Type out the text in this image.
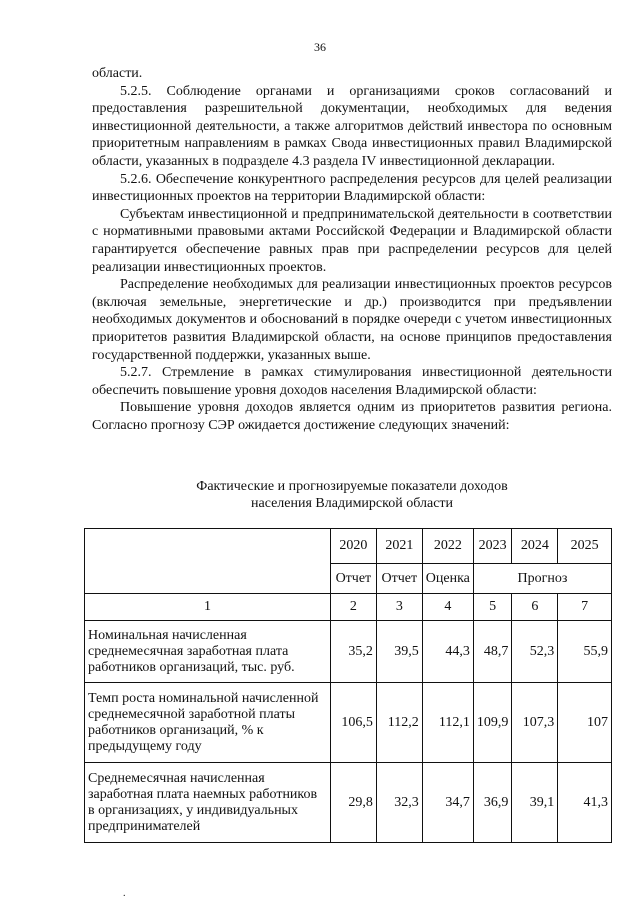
36

области.

5.2.5. Соблюдение органами и организациями сроков согласований и предоставления разрешительной документации, необходимых для ведения инвестиционной деятельности, а также алгоритмов действий инвестора по основным приоритетным направлениям в рамках Свода инвестиционных правил Владимирской области, указанных в подразделе 4.3 раздела IV инвестиционной декларации.

5.2.6. Обеспечение конкурентного распределения ресурсов для целей реализации инвестиционных проектов на территории Владимирской области:

Субъектам инвестиционной и предпринимательской деятельности в соответствии с нормативными правовыми актами Российской Федерации и Владимирской области гарантируется обеспечение равных прав при распределении ресурсов для целей реализации инвестиционных проектов.

Распределение необходимых для реализации инвестиционных проектов ресурсов (включая земельные, энергетические и др.) производится при предъявлении необходимых документов и обоснований в порядке очереди с учетом инвестиционных приоритетов развития Владимирской области, на основе принципов предоставления государственной поддержки, указанных выше.

5.2.7. Стремление в рамках стимулирования инвестиционной деятельности обеспечить повышение уровня доходов населения Владимирской области:

Повышение уровня доходов является одним из приоритетов развития региона. Согласно прогнозу СЭР ожидается достижение следующих значений:

Фактические и прогнозируемые показатели доходов
населения Владимирской области
	2020	2021	2022	2023	2024	2025
	Отчет	Отчет	Оценка	Прогноз		
1	2	3	4	5	6	7
Номинальная начисленная среднемесячная заработная плата работников организаций, тыс. руб.	35,2	39,5	44,3	48,7	52,3	55,9
Темп роста номинальной начисленной среднемесячной заработной платы работников организаций, % к предыдущему году	106,5	112,2	112,1	109,9	107,3	107
Среднемесячная начисленная заработная плата наемных работников в организациях, у индивидуальных предпринимателей	29,8	32,3	34,7	36,9	39,1	41,3
.
